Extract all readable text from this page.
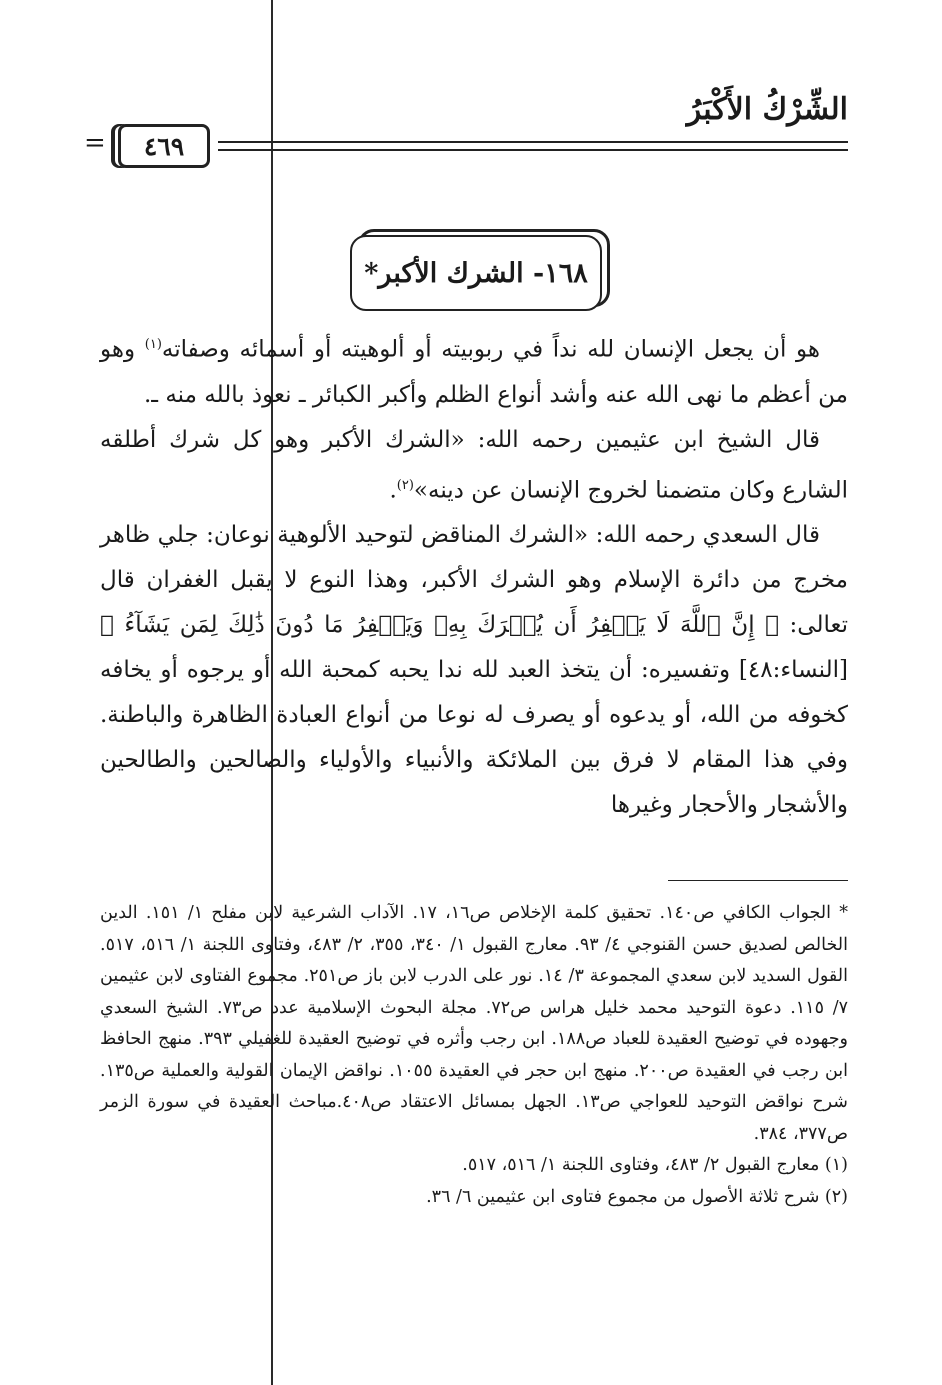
الشِّرْكُ الأَكْبَرُ
=	٤٦٩
١٦٨- الشرك الأكبر*

هو أن يجعل الإنسان لله نداً في ربوبيته أو ألوهيته أو أسمائه وصفاته$^{(١)}$ وهو من أعظم ما نهى الله عنه وأشد أنواع الظلم وأكبر الكبائر ـ نعوذ بالله منه ـ.

قال الشيخ ابن عثيمين رحمه الله: «الشرك الأكبر وهو كل شرك أطلقه الشارع وكان متضمنا لخروج الإنسان عن دينه»$^{(٢)}$.

قال السعدي رحمه الله: «الشرك المناقض لتوحيد الألوهية نوعان: جلي ظاهر مخرج من دائرة الإسلام وهو الشرك الأكبر، وهذا النوع لا يقبل الغفران قال تعالى: ﴿ إِنَّ ٱللَّهَ لَا يَغۡفِرُ أَن يُشۡرَكَ بِهِۦ وَيَغۡفِرُ مَا دُونَ ذَٰلِكَ لِمَن يَشَآءُ ﴾ [النساء:٤٨] وتفسيره: أن يتخذ العبد لله ندا يحبه كمحبة الله أو يرجوه أو يخافه كخوفه من الله، أو يدعوه أو يصرف له نوعا من أنواع العبادة الظاهرة والباطنة. وفي هذا المقام لا فرق بين الملائكة والأنبياء والأولياء والصالحين والطالحين والأشجار والأحجار وغيرها

* الجواب الكافي ص١٤٠. تحقيق كلمة الإخلاص ص١٦، ١٧. الآداب الشرعية لابن مفلح ١/ ١٥١. الدين الخالص لصديق حسن القنوجي ٤/ ٩٣. معارج القبول ١/ ٣٤٠، ٣٥٥، ٢/ ٤٨٣، وفتاوى اللجنة ١/ ٥١٦، ٥١٧. القول السديد لابن سعدي المجموعة ٣/ ١٤. نور على الدرب لابن باز ص٢٥١. مجموع الفتاوى لابن عثيمين ٧/ ١١٥. دعوة التوحيد محمد خليل هراس ص٧٢. مجلة البحوث الإسلامية عدد ص٧٣. الشيخ السعدي وجهوده في توضيح العقيدة للعباد ص١٨٨. ابن رجب وأثره في توضيح العقيدة للغفيلي ٣٩٣. منهج الحافظ ابن رجب في العقيدة ص٢٠٠. منهج ابن حجر في العقيدة ١٠٥٥. نواقض الإيمان القولية والعملية ص١٣٥. شرح نواقض التوحيد للعواجي ص١٣. الجهل بمسائل الاعتقاد ص٤٠٨.مباحث العقيدة في سورة الزمر ص٣٧٧، ٣٨٤.

(١) معارج القبول ٢/ ٤٨٣، وفتاوى اللجنة ١/ ٥١٦، ٥١٧.

(٢) شرح ثلاثة الأصول من مجموع فتاوى ابن عثيمين ٦/ ٣٦.
